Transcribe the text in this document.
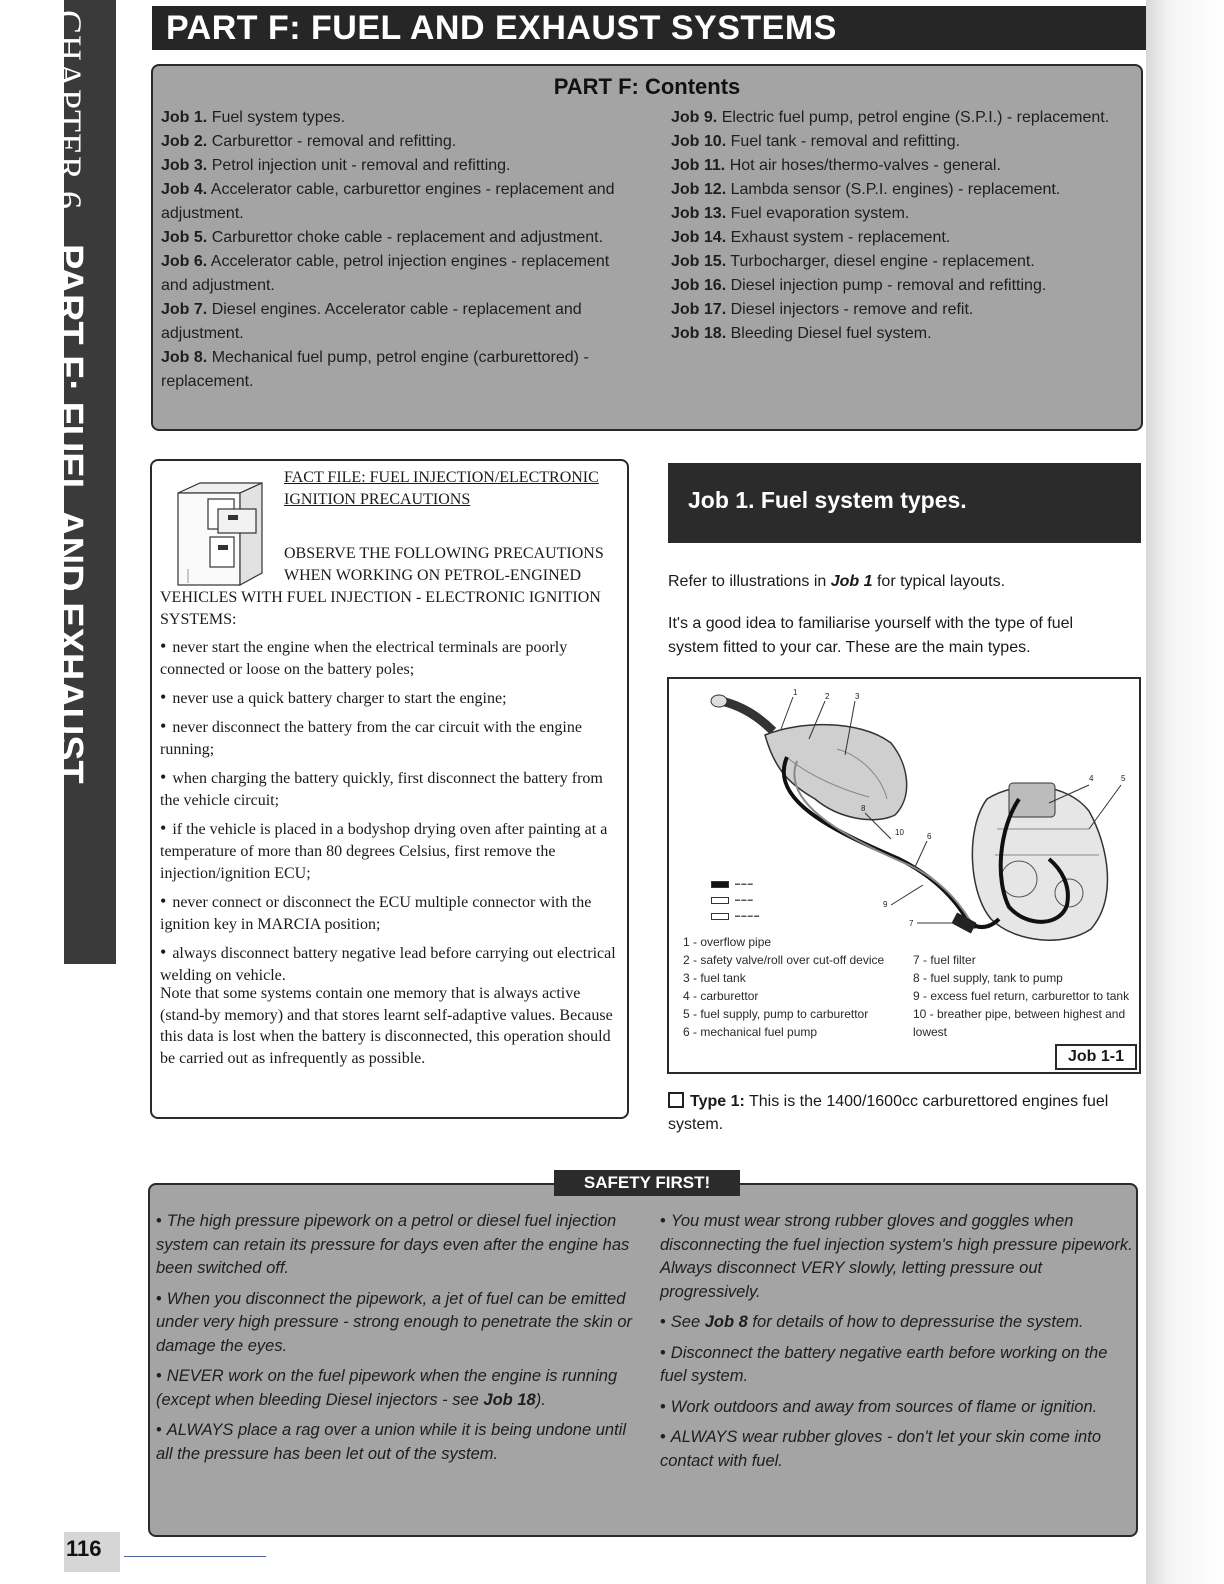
CHAPTER 6PART F: FUEL AND EXHAUST
PART F: FUEL AND EXHAUST SYSTEMS
PART F: Contents
Job 1. Fuel system types.
Job 2. Carburettor - removal and refitting.
Job 3. Petrol injection unit - removal and refitting.
Job 4. Accelerator cable, carburettor engines - replacement and adjustment.
Job 5. Carburettor choke cable - replacement and adjustment.
Job 6. Accelerator cable, petrol injection engines - replacement and adjustment.
Job 7. Diesel engines. Accelerator cable - replacement and adjustment.
Job 8. Mechanical fuel pump, petrol engine (carburettored) - replacement.
Job 9. Electric fuel pump, petrol engine (S.P.I.) - replacement.
Job 10. Fuel tank - removal and refitting.
Job 11. Hot air hoses/thermo-valves - general.
Job 12. Lambda sensor (S.P.I. engines) - replacement.
Job 13. Fuel evaporation system.
Job 14. Exhaust system - replacement.
Job 15. Turbocharger, diesel engine - replacement.
Job 16. Diesel injection pump - removal and refitting.
Job 17. Diesel injectors - remove and refit.
Job 18. Bleeding Diesel fuel system.
FACT FILE: FUEL INJECTION/ELECTRONIC IGNITION PRECAUTIONS
OBSERVE THE FOLLOWING PRECAUTIONS WHEN WORKING ON PETROL-ENGINED
VEHICLES WITH FUEL INJECTION - ELECTRONIC IGNITION SYSTEMS:
• never start the engine when the electrical terminals are poorly connected or loose on the battery poles;
• never use a quick battery charger to start the engine;
• never disconnect the battery from the car circuit with the engine running;
• when charging the battery quickly, first disconnect the battery from the vehicle circuit;
• if the vehicle is placed in a bodyshop drying oven after painting at a temperature of more than 80 degrees Celsius, first remove the injection/ignition ECU;
• never connect or disconnect the ECU multiple connector with the ignition key in MARCIA position;
• always disconnect battery negative lead before carrying out electrical welding on vehicle.
Note that some systems contain one memory that is always active (stand-by memory) and that stores learnt self-adaptive values. Because this data is lost when the battery is disconnected, this operation should be carried out as infrequently as possible.
Job 1. Fuel system types.
Refer to illustrations in Job 1 for typical layouts.
It's a good idea to familiarise yourself with the type of fuel system fitted to your car. These are the main types.
1	2	3
4	5
6
7
8
9
10
▬ ▬ ▬
▬ ▬ ▬
▬ ▬ ▬ ▬
1 - overflow pipe
2 - safety valve/roll over cut-off device
3 - fuel tank
4 - carburettor
5 - fuel supply, pump to carburettor
6 - mechanical fuel pump
7 - fuel filter
8 - fuel supply, tank to pump
9 - excess fuel return, carburettor to tank
10 - breather pipe, between highest and lowest
Job 1-1
Type 1: This is the 1400/1600cc carburettored engines fuel system.
SAFETY FIRST!
• The high pressure pipework on a petrol or diesel fuel injection system can retain its pressure for days even after the engine has been switched off.
• When you disconnect the pipework, a jet of fuel can be emitted under very high pressure - strong enough to penetrate the skin or damage the eyes.
• NEVER work on the fuel pipework when the engine is running (except when bleeding Diesel injectors - see Job 18).
• ALWAYS place a rag over a union while it is being undone until all the pressure has been let out of the system.
• You must wear strong rubber gloves and goggles when disconnecting the fuel injection system's high pressure pipework. Always disconnect VERY slowly, letting pressure out progressively.
• See Job 8 for details of how to depressurise the system.
• Disconnect the battery negative earth before working on the fuel system.
• Work outdoors and away from sources of flame or ignition.
• ALWAYS wear rubber gloves - don't let your skin come into contact with fuel.
116
